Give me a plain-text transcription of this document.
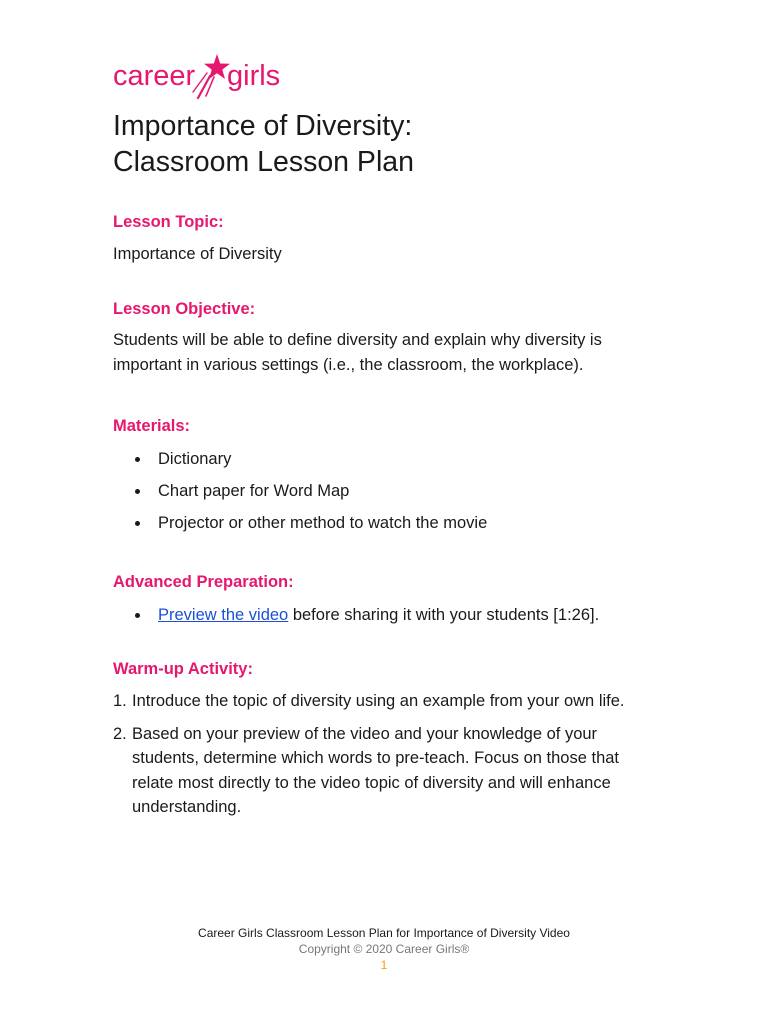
career girls
Importance of Diversity:
Classroom Lesson Plan
Lesson Topic:

Importance of Diversity

Lesson Objective:

Students will be able to define diversity and explain why diversity is important in various settings (i.e., the classroom, the workplace).

Materials:
Dictionary
Chart paper for Word Map
Projector or other method to watch the movie
Advanced Preparation:
Preview the video before sharing it with your students [1:26].
Warm-up Activity:
1. Introduce the topic of diversity using an example from your own life.
2. Based on your preview of the video and your knowledge of your students, determine which words to pre-teach. Focus on those that relate most directly to the video topic of diversity and will enhance understanding.
Career Girls Classroom Lesson Plan for Importance of Diversity Video
Copyright © 2020 Career Girls®
1
